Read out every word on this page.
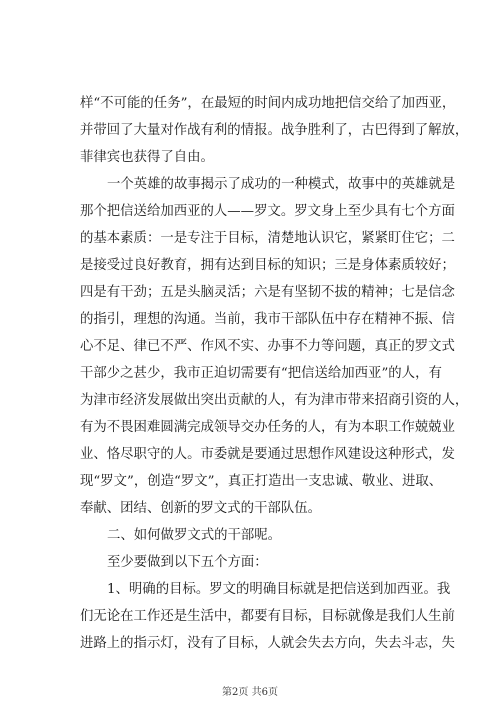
样“不可能的任务”，在最短的时间内成功地把信交给了加西亚，
并带回了大量对作战有利的情报。战争胜利了，古巴得到了解放，
菲律宾也获得了自由。
一个英雄的故事揭示了成功的一种模式，故事中的英雄就是
那个把信送给加西亚的人——罗文。罗文身上至少具有七个方面
的基本素质：一是专注于目标，清楚地认识它，紧紧盯住它；二
是接受过良好教育，拥有达到目标的知识；三是身体素质较好；
四是有干劲；五是头脑灵活；六是有坚韧不拔的精神；七是信念
的指引，理想的沟通。当前，我市干部队伍中存在精神不振、信
心不足、律已不严、作风不实、办事不力等问题，真正的罗文式
干部少之甚少，我市正迫切需要有“把信送给加西亚”的人，有
为津市经济发展做出突出贡献的人，有为津市带来招商引资的人，
有为不畏困难圆满完成领导交办任务的人，有为本职工作兢兢业
业、恪尽职守的人。市委就是要通过思想作风建设这种形式，发
现“罗文”，创造“罗文”，真正打造出一支忠诚、敬业、进取、
奉献、团结、创新的罗文式的干部队伍。
二、如何做罗文式的干部呢。
至少要做到以下五个方面：
1、明确的目标。罗文的明确目标就是把信送到加西亚。我
们无论在工作还是生活中，都要有目标，目标就像是我们人生前
进路上的指示灯，没有了目标，人就会失去方向，失去斗志，失
第2页 共6页
